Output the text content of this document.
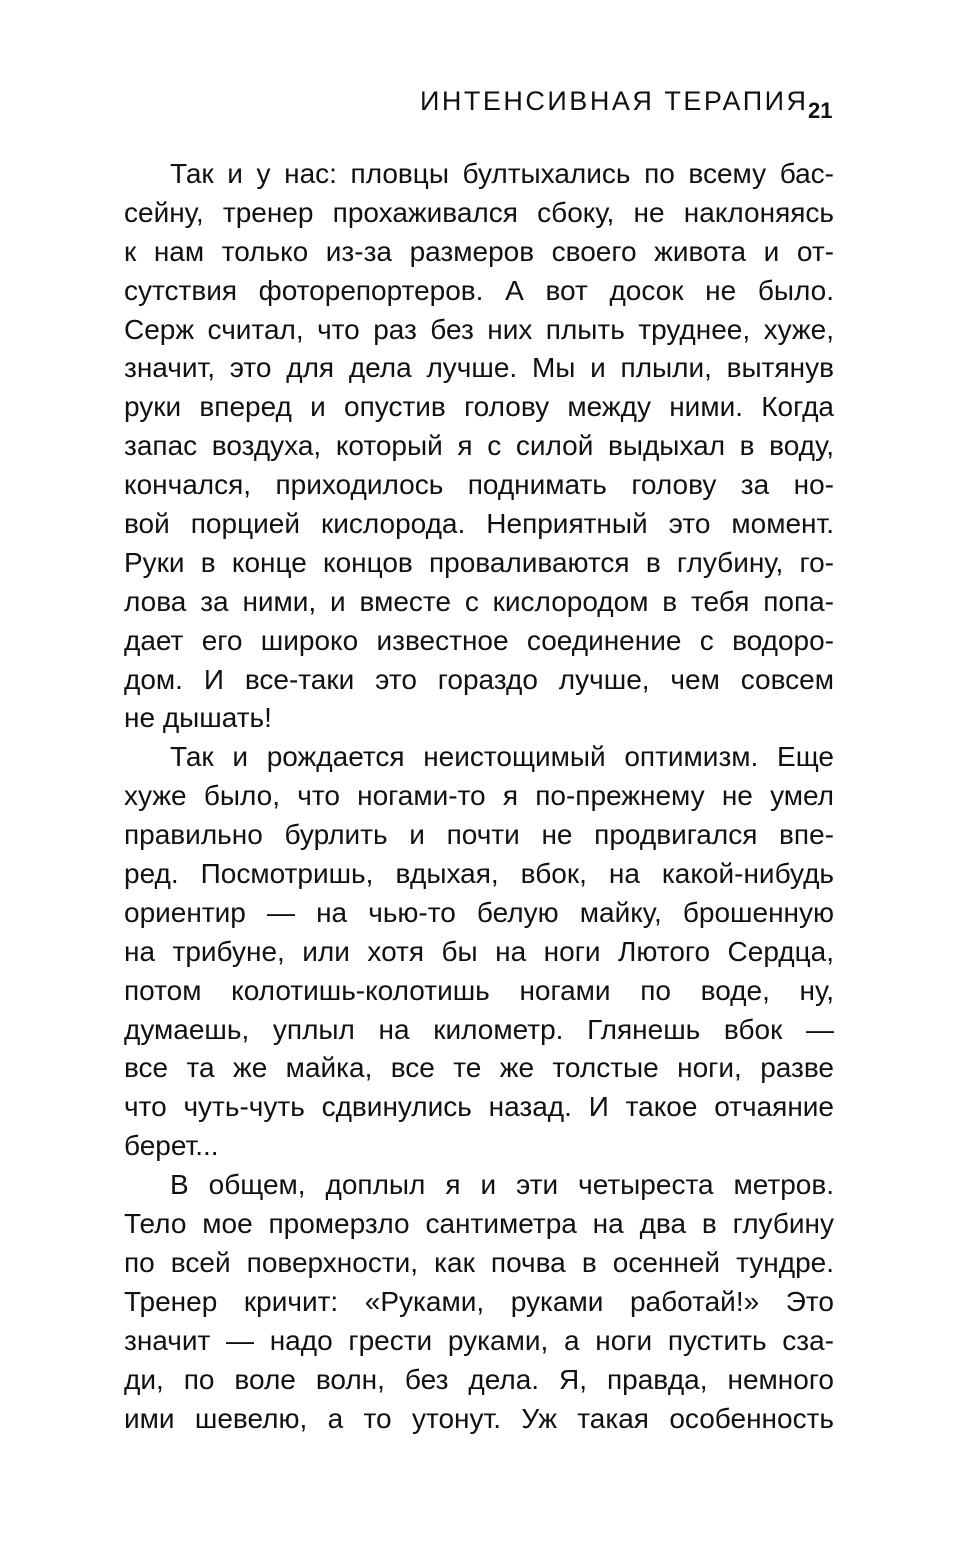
ИНТЕНСИВНАЯ ТЕРАПИЯ 21
Так и у нас: пловцы бултыхались по всему бас-
сейну, тренер прохаживался сбоку, не наклоняясь
к нам только из-за размеров своего живота и от-
сутствия фоторепортеров. А вот досок не было.
Серж считал, что раз без них плыть труднее, хуже,
значит, это для дела лучше. Мы и плыли, вытянув
руки вперед и опустив голову между ними. Когда
запас воздуха, который я с силой выдыхал в воду,
кончался, приходилось поднимать голову за но-
вой порцией кислорода. Неприятный это момент.
Руки в конце концов проваливаются в глубину, го-
лова за ними, и вместе с кислородом в тебя попа-
дает его широко известное соединение с водоро-
дом. И все-таки это гораздо лучше, чем совсем
не дышать!
Так и рождается неистощимый оптимизм. Еще
хуже было, что ногами-то я по-прежнему не умел
правильно бурлить и почти не продвигался впе-
ред. Посмотришь, вдыхая, вбок, на какой-нибудь
ориентир — на чью-то белую майку, брошенную
на трибуне, или хотя бы на ноги Лютого Сердца,
потом колотишь-колотишь ногами по воде, ну,
думаешь, уплыл на километр. Глянешь вбок —
все та же майка, все те же толстые ноги, разве
что чуть-чуть сдвинулись назад. И такое отчаяние
берет...
В общем, доплыл я и эти четыреста метров.
Тело мое промерзло сантиметра на два в глубину
по всей поверхности, как почва в осенней тундре.
Тренер кричит: «Руками, руками работай!» Это
значит — надо грести руками, а ноги пустить сза-
ди, по воле волн, без дела. Я, правда, немного
ими шевелю, а то утонут. Уж такая особенность
